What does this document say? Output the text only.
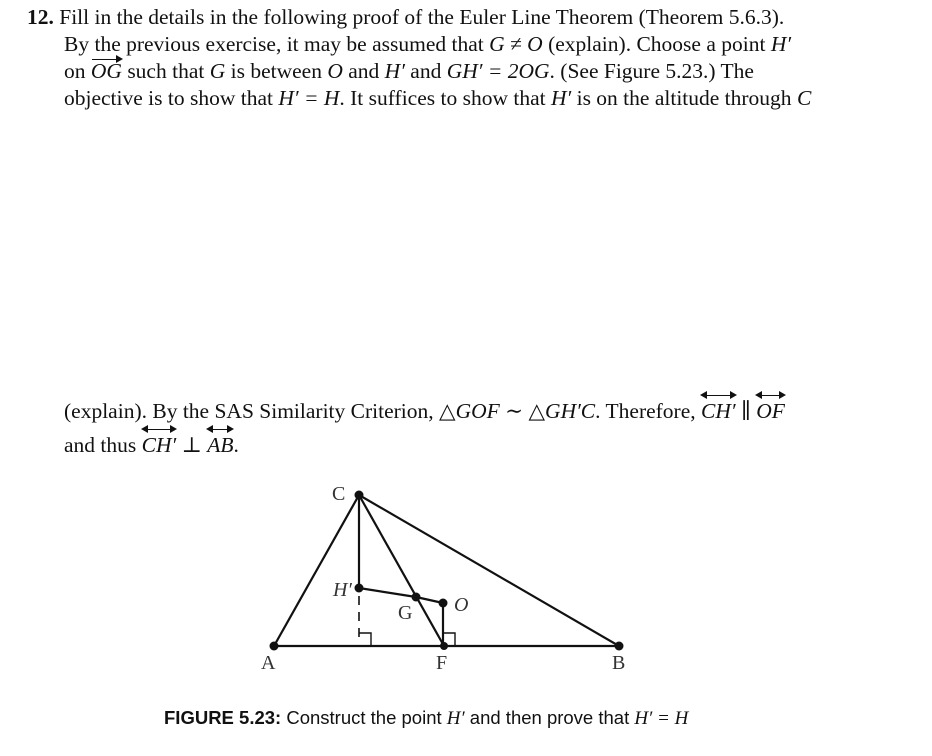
12. Fill in the details in the following proof of the Euler Line Theorem (Theorem 5.6.3).
By the previous exercise, it may be assumed that G ≠ O (explain). Choose a point H′
on OG such that G is between O and H′ and GH′ = 2OG. (See Figure 5.23.) The
objective is to show that H′ = H. It suffices to show that H′ is on the altitude through C
(explain). By the SAS Similarity Criterion, △GOF ∼ △GH′C. Therefore, CH′
∥ OF
and thus CH′
⊥ AB
.
A	B
C
F
G O
H′
FIGURE 5.23: Construct the point H′ and then prove that H′ = H
